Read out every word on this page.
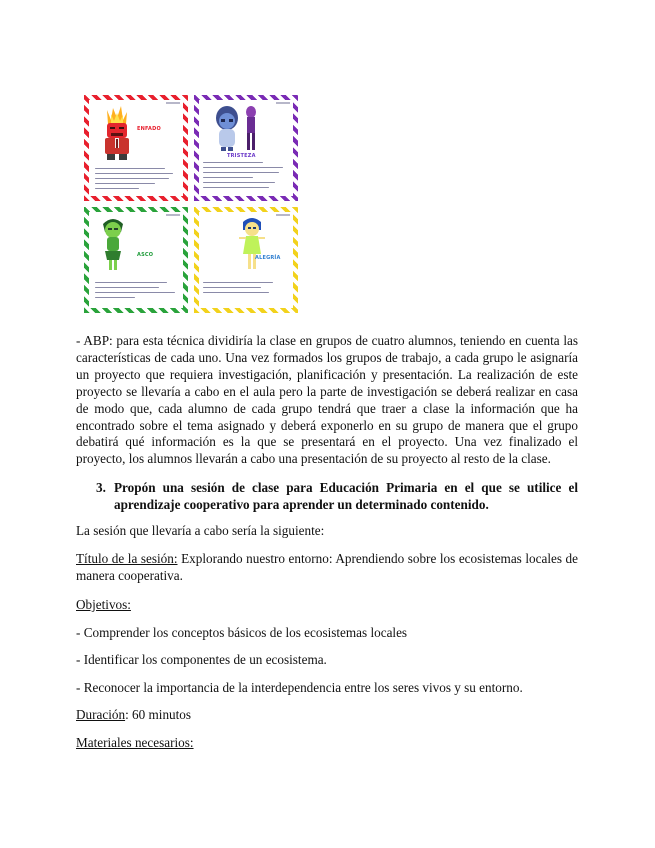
ENFADO
TRISTEZA
ASCO	ALEGRÍA

- ABP: para esta técnica dividiría la clase en grupos de cuatro alumnos, teniendo en cuenta las características de cada uno. Una vez formados los grupos de trabajo, a cada grupo le asignaría un proyecto que requiera investigación, planificación y presentación. La realización de este proyecto se llevaría a cabo en el aula pero la parte de investigación se deberá realizar en casa de modo que, cada alumno de cada grupo tendrá que traer a clase la información que ha encontrado sobre el tema asignado y deberá exponerlo en su grupo de manera que el grupo debatirá qué información es la que se presentará en el proyecto. Una vez finalizado el proyecto, los alumnos llevarán a cabo una presentación de su proyecto al resto de la clase.

3. Propón una sesión de clase para Educación Primaria en el que se utilice el aprendizaje cooperativo para aprender un determinado contenido.

La sesión que llevaría a cabo sería la siguiente:

Título de la sesión: Explorando nuestro entorno: Aprendiendo sobre los ecosistemas locales de manera cooperativa.

Objetivos:

- Comprender los conceptos básicos de los ecosistemas locales

- Identificar los componentes de un ecosistema.

- Reconocer la importancia de la interdependencia entre los seres vivos y su entorno.

Duración: 60 minutos

Materiales necesarios:
